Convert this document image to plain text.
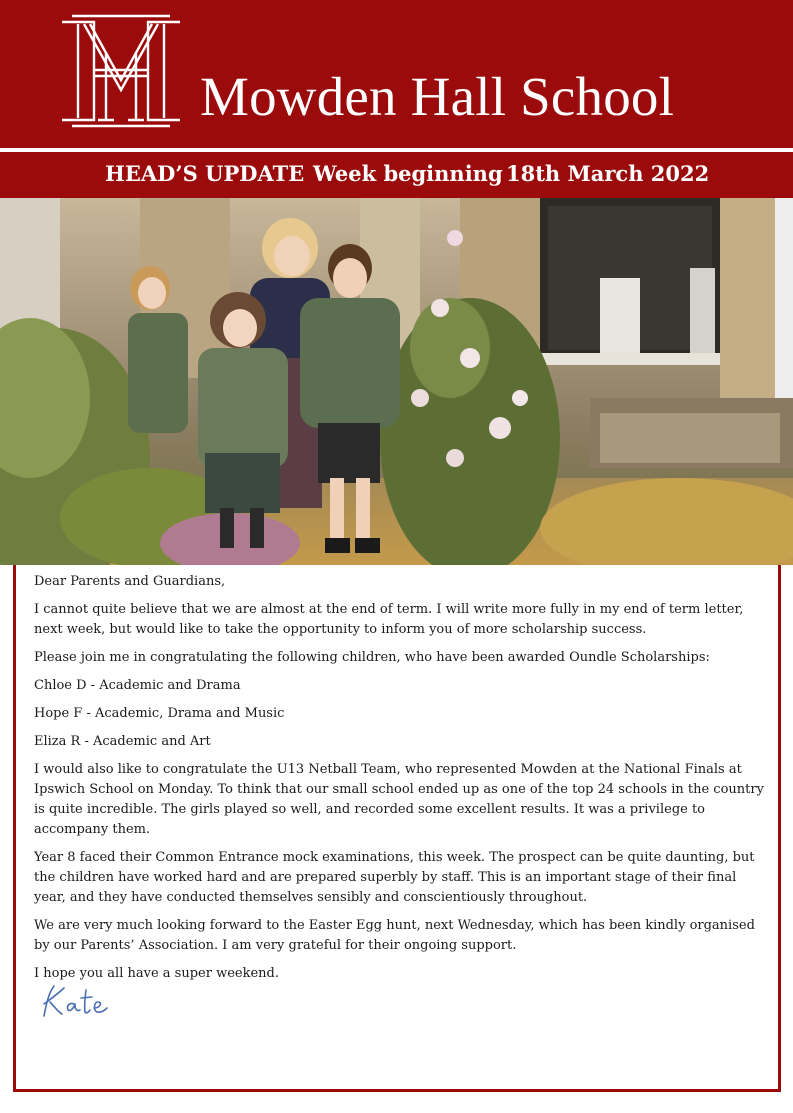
Mowden Hall School
HEAD’S UPDATE Week beginning 18th March 2022

Dear Parents and Guardians,

I cannot quite believe that we are almost at the end of term. I will write more fully in my end of term letter, next week, but would like to take the opportunity to inform you of more scholarship success.

Please join me in congratulating the following children, who have been awarded Oundle Scholarships:

Chloe D - Academic and Drama

Hope F - Academic, Drama and Music

Eliza R - Academic and Art

I would also like to congratulate the U13 Netball Team, who represented Mowden at the National Finals at Ipswich School on Monday. To think that our small school ended up as one of the top 24 schools in the country is quite incredible. The girls played so well, and recorded some excellent results. It was a privilege to accompany them.

Year 8 faced their Common Entrance mock examinations, this week. The prospect can be quite daunting, but the children have worked hard and are prepared superbly by staff. This is an important stage of their final year, and they have conducted themselves sensibly and conscientiously throughout.

We are very much looking forward to the Easter Egg hunt, next Wednesday, which has been kindly organised by our Parents’ Association. I am very grateful for their ongoing support.

I hope you all have a super weekend.
